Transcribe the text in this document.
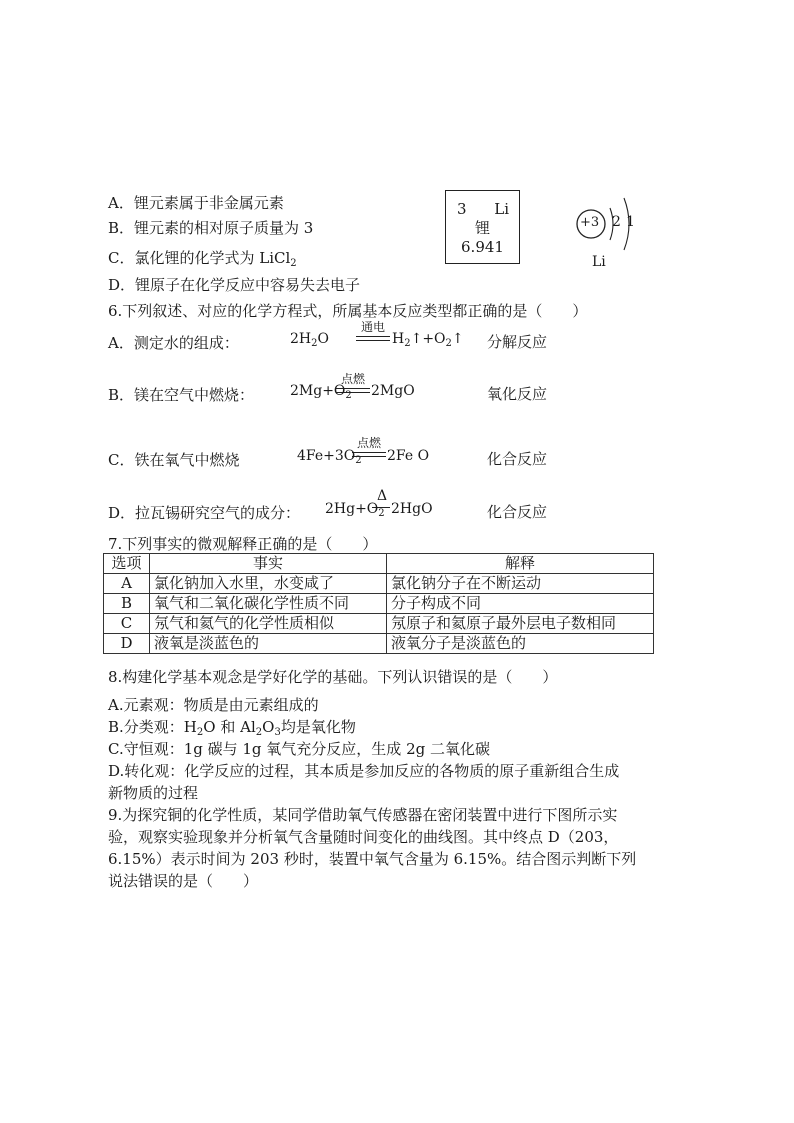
A．锂元素属于非金属元素
B．锂元素的相对原子质量为 3
C．氯化锂的化学式为 LiCl$_2$
D．锂原子在化学反应中容易失去电子
3 Li
锂
6.941
+3 2 1
Li
6.下列叙述、对应的化学方程式，所属基本反应类型都正确的是（　　）
A．测定水的组成：
通电
$2H_2O$	$H_2↑+O_2↑$ 分解反应
B．镁在空气中燃烧：
点燃
$2Mg+O_2$ 2MgO	氧化反应
C．铁在氧气中燃烧
点燃
$4Fe+3O_2$ 2Fe O	化合反应
D．拉瓦锡研究空气的成分：
Δ
$2Hg+O_2$ 2HgO	化合反应
7.下列事实的微观解释正确的是（　　）
选项	事实	解释
A	氯化钠加入水里，水变咸了	氯化钠分子在不断运动
B	氧气和二氧化碳化学性质不同	分子构成不同
C	氖气和氦气的化学性质相似	氖原子和氦原子最外层电子数相同
D	液氧是淡蓝色的	液氧分子是淡蓝色的
8.构建化学基本观念是学好化学的基础。下列认识错误的是（　　）
A.元素观：物质是由元素组成的
B.分类观：$H_2O$ 和 $Al_2O_3$均是氧化物
C.守恒观：1g 碳与 1g 氧气充分反应，生成 2g 二氧化碳
D.转化观：化学反应的过程，其本质是参加反应的各物质的原子重新组合生成
新物质的过程
9.为探究铜的化学性质，某同学借助氧气传感器在密闭装置中进行下图所示实
验，观察实验现象并分析氧气含量随时间变化的曲线图。其中终点 D（203，
6.15%）表示时间为 203 秒时，装置中氧气含量为 6.15%。结合图示判断下列
说法错误的是（　　）
